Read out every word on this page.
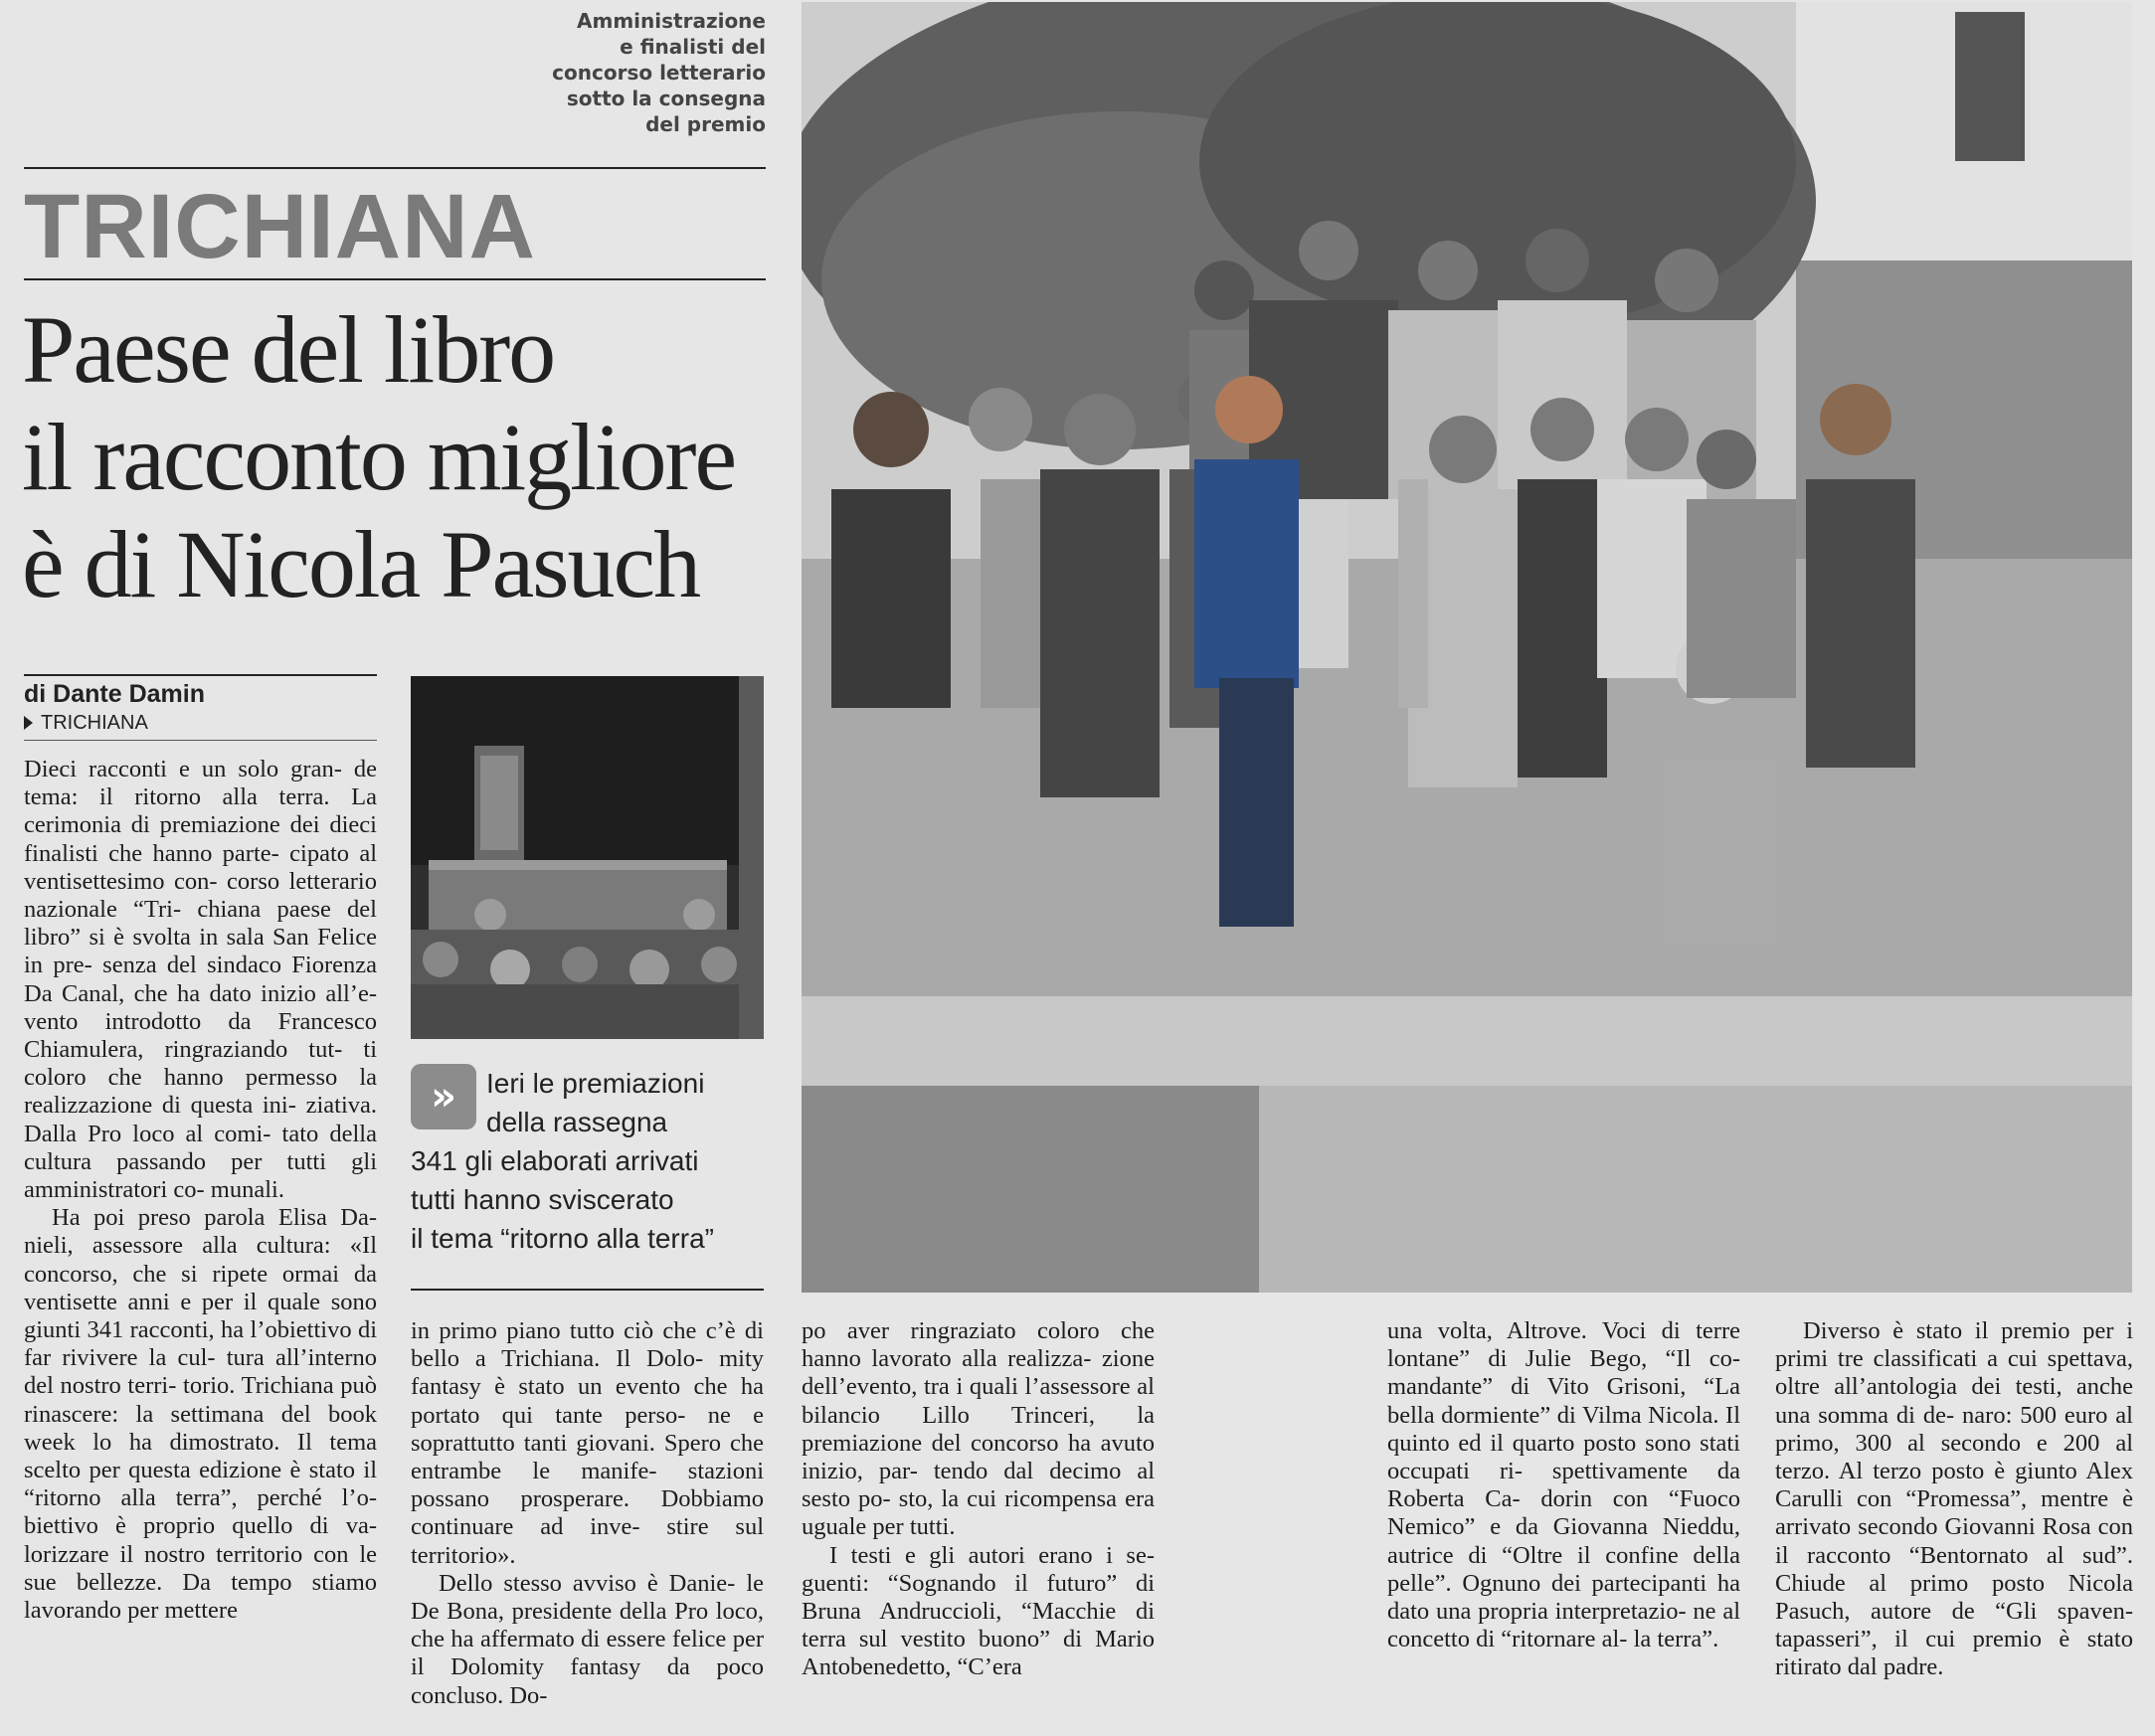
Amministrazione
e finalisti del
concorso letterario
sotto la consegna
del premio
TRICHIANA
Paese del libro
il racconto migliore
è di Nicola Pasuch
di Dante Damin
TRICHIANA

Dieci racconti e un solo gran- de tema: il ritorno alla terra. La cerimonia di premiazione dei dieci finalisti che hanno parte- cipato al ventisettesimo con- corso letterario nazionale “Tri- chiana paese del libro” si è svolta in sala San Felice in pre- senza del sindaco Fiorenza Da Canal, che ha dato inizio all’e- vento introdotto da Francesco Chiamulera, ringraziando tut- ti coloro che hanno permesso la realizzazione di questa ini- ziativa. Dalla Pro loco al comi- tato della cultura passando per tutti gli amministratori co- munali.

Ha poi preso parola Elisa Da- nieli, assessore alla cultura: «Il concorso, che si ripete ormai da ventisette anni e per il quale sono giunti 341 racconti, ha l’obiettivo di far rivivere la cul- tura all’interno del nostro terri- torio. Trichiana può rinascere: la settimana del book week lo ha dimostrato. Il tema scelto per questa edizione è stato il “ritorno alla terra”, perché l’o- biettivo è proprio quello di va- lorizzare il nostro territorio con le sue bellezze. Da tempo stiamo lavorando per mettere

»	Ieri le premiazioni
della rassegna
341 gli elaborati arrivati
tutti hanno sviscerato
il tema “ritorno alla terra”

in primo piano tutto ciò che c’è di bello a Trichiana. Il Dolo- mity fantasy è stato un evento che ha portato qui tante perso- ne e soprattutto tanti giovani. Spero che entrambe le manife- stazioni possano prosperare. Dobbiamo continuare ad inve- stire sul territorio».

Dello stesso avviso è Danie- le De Bona, presidente della Pro loco, che ha affermato di essere felice per il Dolomity fantasy da poco concluso. Do-

po aver ringraziato coloro che hanno lavorato alla realizza- zione dell’evento, tra i quali l’assessore al bilancio Lillo Trinceri, la premiazione del concorso ha avuto inizio, par- tendo dal decimo al sesto po- sto, la cui ricompensa era uguale per tutti.

I testi e gli autori erano i se- guenti: “Sognando il futuro” di Bruna Andruccioli, “Macchie di terra sul vestito buono” di Mario Antobenedetto, “C’era

una volta, Altrove. Voci di terre lontane” di Julie Bego, “Il co- mandante” di Vito Grisoni, “La bella dormiente” di Vilma Nicola. Il quinto ed il quarto posto sono stati occupati ri- spettivamente da Roberta Ca- dorin con “Fuoco Nemico” e da Giovanna Nieddu, autrice di “Oltre il confine della pelle”. Ognuno dei partecipanti ha dato una propria interpretazio- ne al concetto di “ritornare al- la terra”.

Diverso è stato il premio per i primi tre classificati a cui spettava, oltre all’antologia dei testi, anche una somma di de- naro: 500 euro al primo, 300 al secondo e 200 al terzo. Al terzo posto è giunto Alex Carulli con “Promessa”, mentre è arrivato secondo Giovanni Rosa con il racconto “Bentornato al sud”. Chiude al primo posto Nicola Pasuch, autore de “Gli spaven- tapasseri”, il cui premio è stato ritirato dal padre.
